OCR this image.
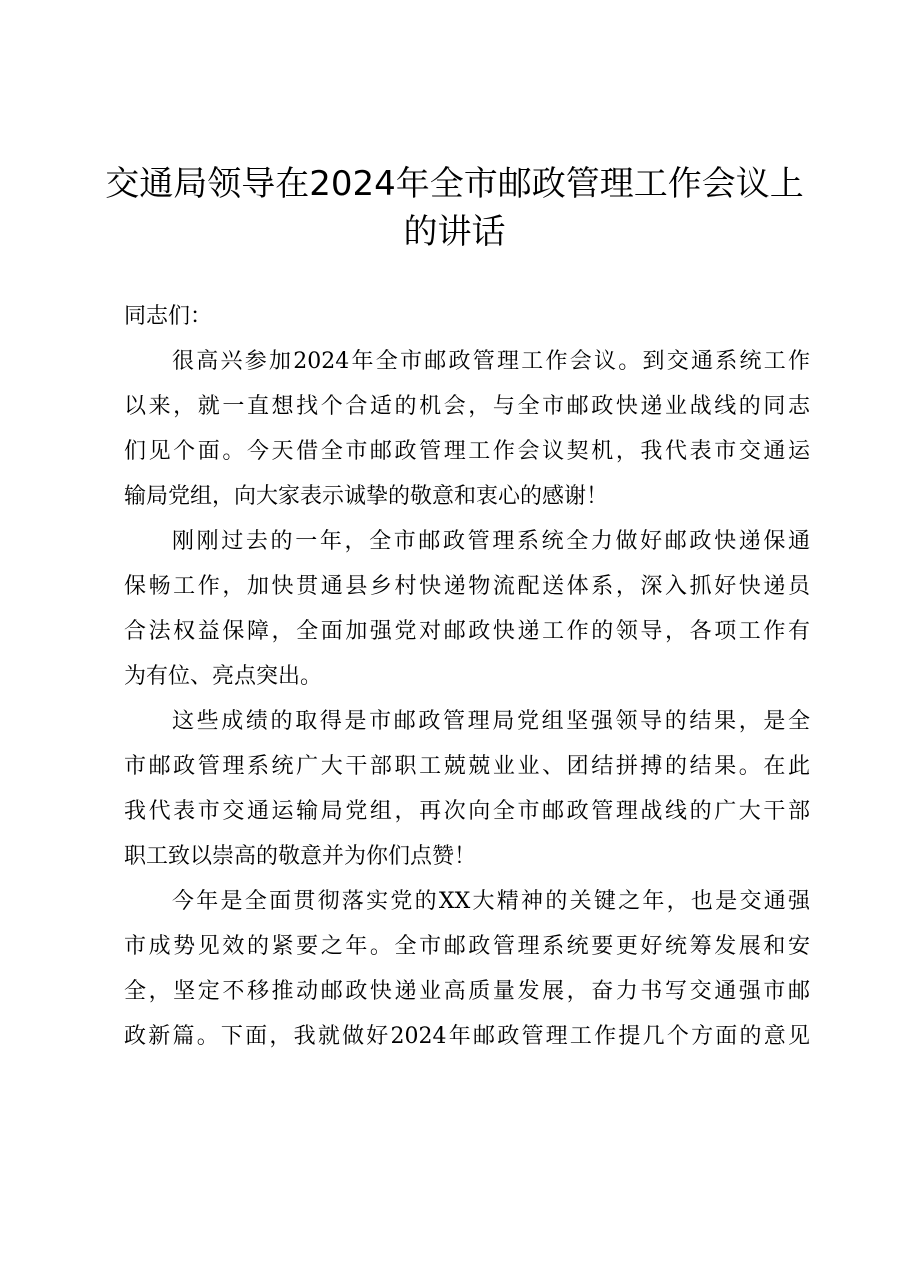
交通局领导在2024年全市邮政管理工作会议上
的讲话
同志们：
很高兴参加2024年全市邮政管理工作会议。到交通系统工作
以来，就一直想找个合适的机会，与全市邮政快递业战线的同志
们见个面。今天借全市邮政管理工作会议契机，我代表市交通运
输局党组，向大家表示诚挚的敬意和衷心的感谢！
刚刚过去的一年，全市邮政管理系统全力做好邮政快递保通
保畅工作，加快贯通县乡村快递物流配送体系，深入抓好快递员
合法权益保障，全面加强党对邮政快递工作的领导，各项工作有
为有位、亮点突出。
这些成绩的取得是市邮政管理局党组坚强领导的结果，是全
市邮政管理系统广大干部职工兢兢业业、团结拼搏的结果。在此
我代表市交通运输局党组，再次向全市邮政管理战线的广大干部
职工致以崇高的敬意并为你们点赞！
今年是全面贯彻落实党的XX大精神的关键之年，也是交通强
市成势见效的紧要之年。全市邮政管理系统要更好统筹发展和安
全，坚定不移推动邮政快递业高质量发展，奋力书写交通强市邮
政新篇。下面，我就做好2024年邮政管理工作提几个方面的意见
